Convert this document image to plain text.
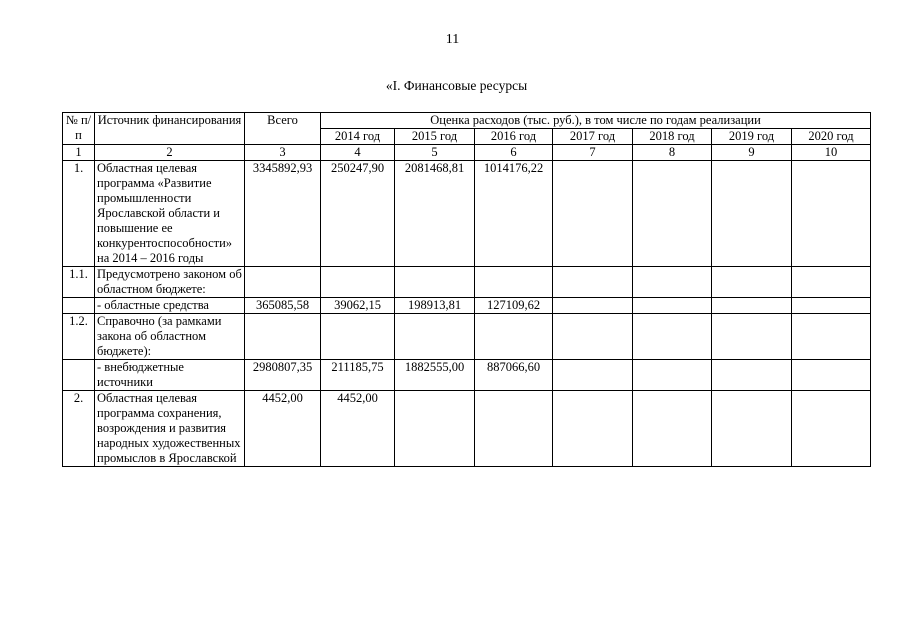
11
«I. Финансовые ресурсы
№ п/п	Источник финансирования	Всего	Оценка расходов (тыс. руб.), в том числе по годам реализации						
			2014 год	2015 год	2016 год	2017 год	2018 год	2019 год	2020 год
1	2	3	4	5	6	7	8	9	10
1.	Областная целевая программа «Развитие промышленности Ярославской области и повышение ее конкурентоспособности» на 2014 – 2016 годы	3345892,93	250247,90	2081468,81	1014176,22				
1.1.	Предусмотрено законом об областном бюджете:								
	- областные средства	365085,58	39062,15	198913,81	127109,62				
1.2.	Справочно (за рамками закона об областном бюджете):								
	- внебюджетные источники	2980807,35	211185,75	1882555,00	887066,60				
2.	Областная целевая программа сохранения, возрождения и развития народных художественных промыслов в Ярославской	4452,00	4452,00						
